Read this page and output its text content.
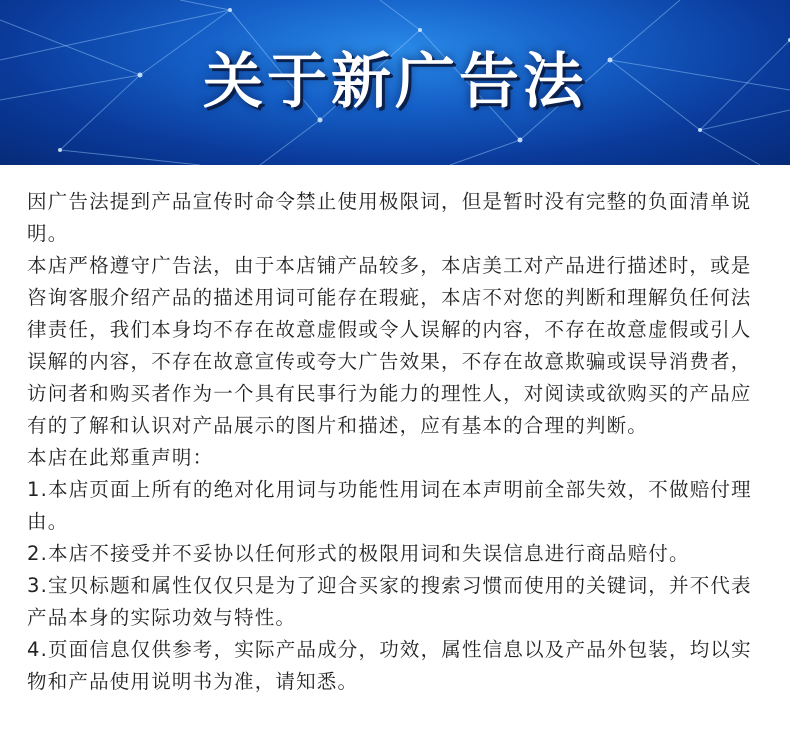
关于新广告法

因广告法提到产品宣传时命令禁止使用极限词，但是暂时没有完整的负面清单说明。

本店严格遵守广告法，由于本店铺产品较多，本店美工对产品进行描述时，或是咨询客服介绍产品的描述用词可能存在瑕疵，本店不对您的判断和理解负任何法律责任，我们本身均不存在故意虚假或令人误解的内容，不存在故意虚假或引人误解的内容，不存在故意宣传或夸大广告效果，不存在故意欺骗或误导消费者，访问者和购买者作为一个具有民事行为能力的理性人，对阅读或欲购买的产品应有的了解和认识对产品展示的图片和描述，应有基本的合理的判断。

本店在此郑重声明：

1.本店页面上所有的绝对化用词与功能性用词在本声明前全部失效，不做赔付理由。

2.本店不接受并不妥协以任何形式的极限用词和失误信息进行商品赔付。

3.宝贝标题和属性仅仅只是为了迎合买家的搜索习惯而使用的关键词，并不代表产品本身的实际功效与特性。

4.页面信息仅供参考，实际产品成分，功效，属性信息以及产品外包装，均以实物和产品使用说明书为准，请知悉。
